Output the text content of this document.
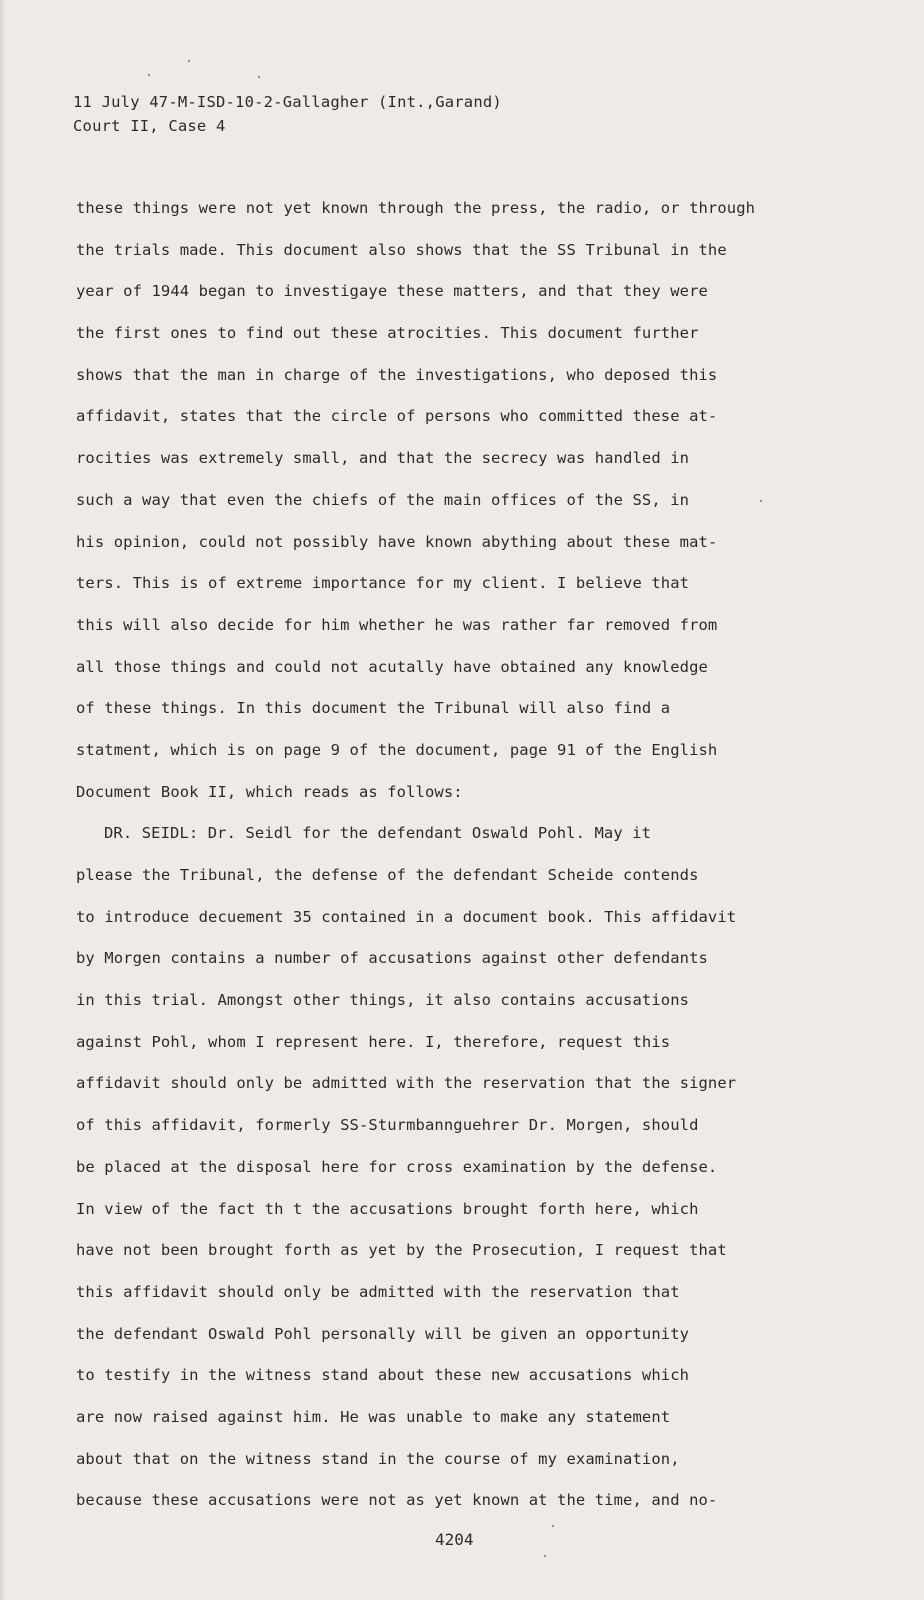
11 July 47-M-ISD-10-2-Gallagher (Int.,Garand)
Court II, Case 4
these things were not yet known through the press, the radio, or through
the trials made. This document also shows that the SS Tribunal in the
year of 1944 began to investigaye these matters, and that they were
the first ones to find out these atrocities. This document further
shows that the man in charge of the investigations, who deposed this
affidavit, states that the circle of persons who committed these at-
rocities was extremely small, and that the secrecy was handled in
such a way that even the chiefs of the main offices of the SS, in
his opinion, could not possibly have known abything about these mat-
ters. This is of extreme importance for my client. I believe that
this will also decide for him whether he was rather far removed from
all those things and could not acutally have obtained any knowledge
of these things. In this document the Tribunal will also find a
statment, which is on page 9 of the document, page 91 of the English
Document Book II, which reads as follows:
DR. SEIDL: Dr. Seidl for the defendant Oswald Pohl. May it
please the Tribunal, the defense of the defendant Scheide contends
to introduce decuement 35 contained in a document book. This affidavit
by Morgen contains a number of accusations against other defendants
in this trial. Amongst other things, it also contains accusations
against Pohl, whom I represent here. I, therefore, request this
affidavit should only be admitted with the reservation that the signer
of this affidavit, formerly SS-Sturmbannguehrer Dr. Morgen, should
be placed at the disposal here for cross examination by the defense.
In view of the fact th t the accusations brought forth here, which
have not been brought forth as yet by the Prosecution, I request that
this affidavit should only be admitted with the reservation that
the defendant Oswald Pohl personally will be given an opportunity
to testify in the witness stand about these new accusations which
are now raised against him. He was unable to make any statement
about that on the witness stand in the course of my examination,
because these accusations were not as yet known at the time, and no-
4204
